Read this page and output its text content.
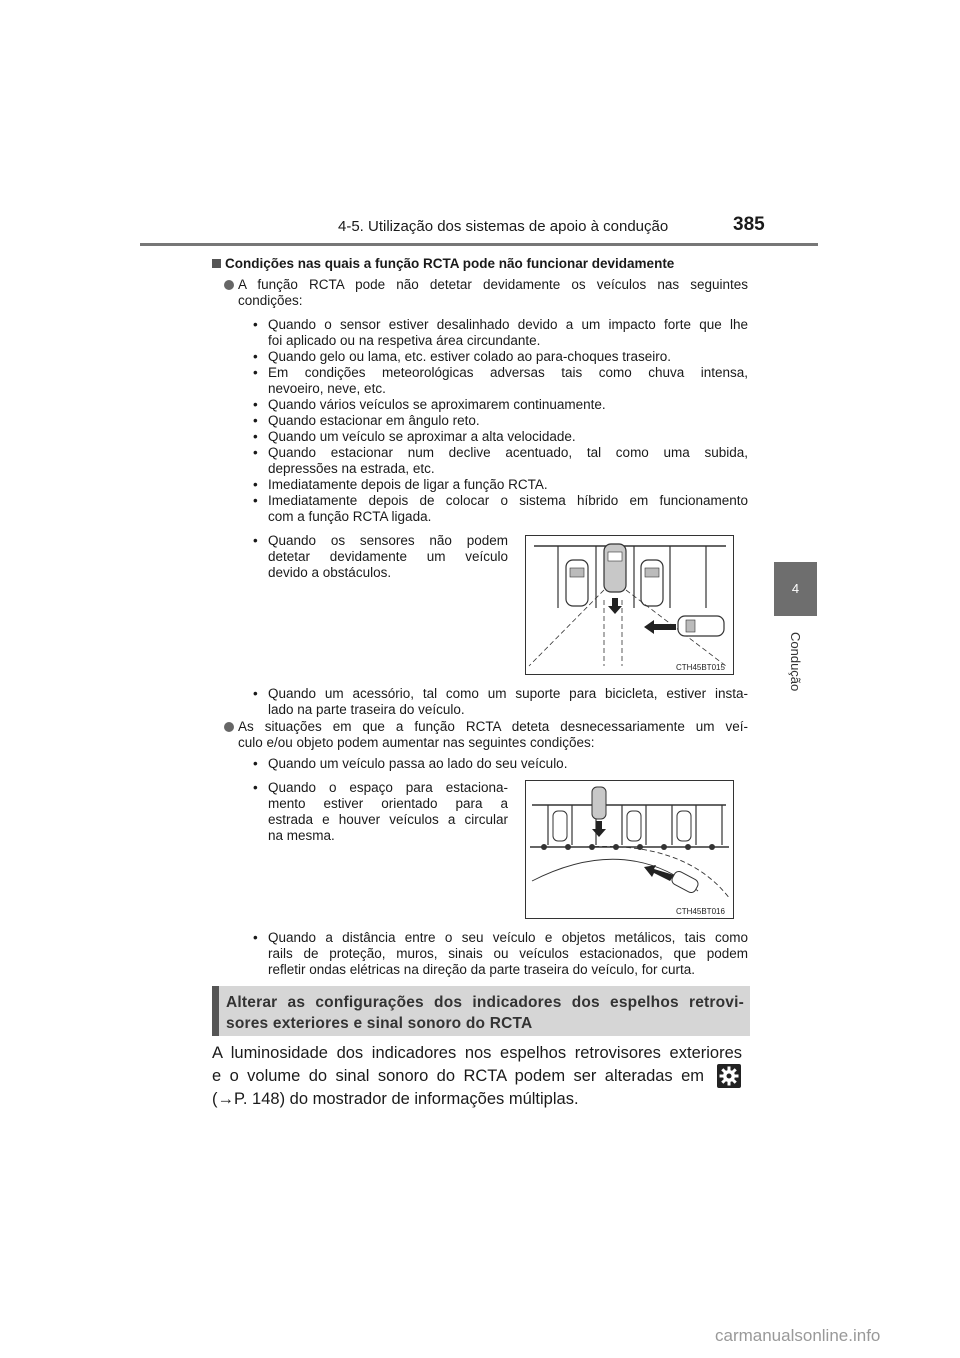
4-5. Utilização dos sistemas de apoio à condução	385
4
Condução
Condições nas quais a função RCTA pode não funcionar devidamente
A função RCTA pode não detetar devidamente os veículos nas seguintes
condições:
• Quando o sensor estiver desalinhado devido a um impacto forte que lhe
foi aplicado ou na respetiva área circundante.
• Quando gelo ou lama, etc. estiver colado ao para-choques traseiro.
• Em condições meteorológicas adversas tais como chuva intensa,
nevoeiro, neve, etc.
• Quando vários veículos se aproximarem continuamente.
• Quando estacionar em ângulo reto.
• Quando um veículo se aproximar a alta velocidade.
• Quando estacionar num declive acentuado, tal como uma subida,
depressões na estrada, etc.
• Imediatamente depois de ligar a função RCTA.
• Imediatamente depois de colocar o sistema híbrido em funcionamento
com a função RCTA ligada.
• Quando os sensores não podem
detetar devidamente um veículo
devido a obstáculos.
CTH45BT015
• Quando um acessório, tal como um suporte para bicicleta, estiver insta-
lado na parte traseira do veículo.
As situações em que a função RCTA deteta desnecessariamente um veí-
culo e/ou objeto podem aumentar nas seguintes condições:
• Quando um veículo passa ao lado do seu veículo.
• Quando o espaço para estaciona-
mento estiver orientado para a
estrada e houver veículos a circular
na mesma.
CTH45BT016
• Quando a distância entre o seu veículo e objetos metálicos, tais como
rails de proteção, muros, sinais ou veículos estacionados, que podem
refletir ondas elétricas na direção da parte traseira do veículo, for curta.
Alterar as configurações dos indicadores dos espelhos retrovi-
sores exteriores e sinal sonoro do RCTA
A luminosidade dos indicadores nos espelhos retrovisores exteriores
e o volume do sinal sonoro do RCTA podem ser alteradas em
(→P. 148) do mostrador de informações múltiplas.
carmanualsonline.info
